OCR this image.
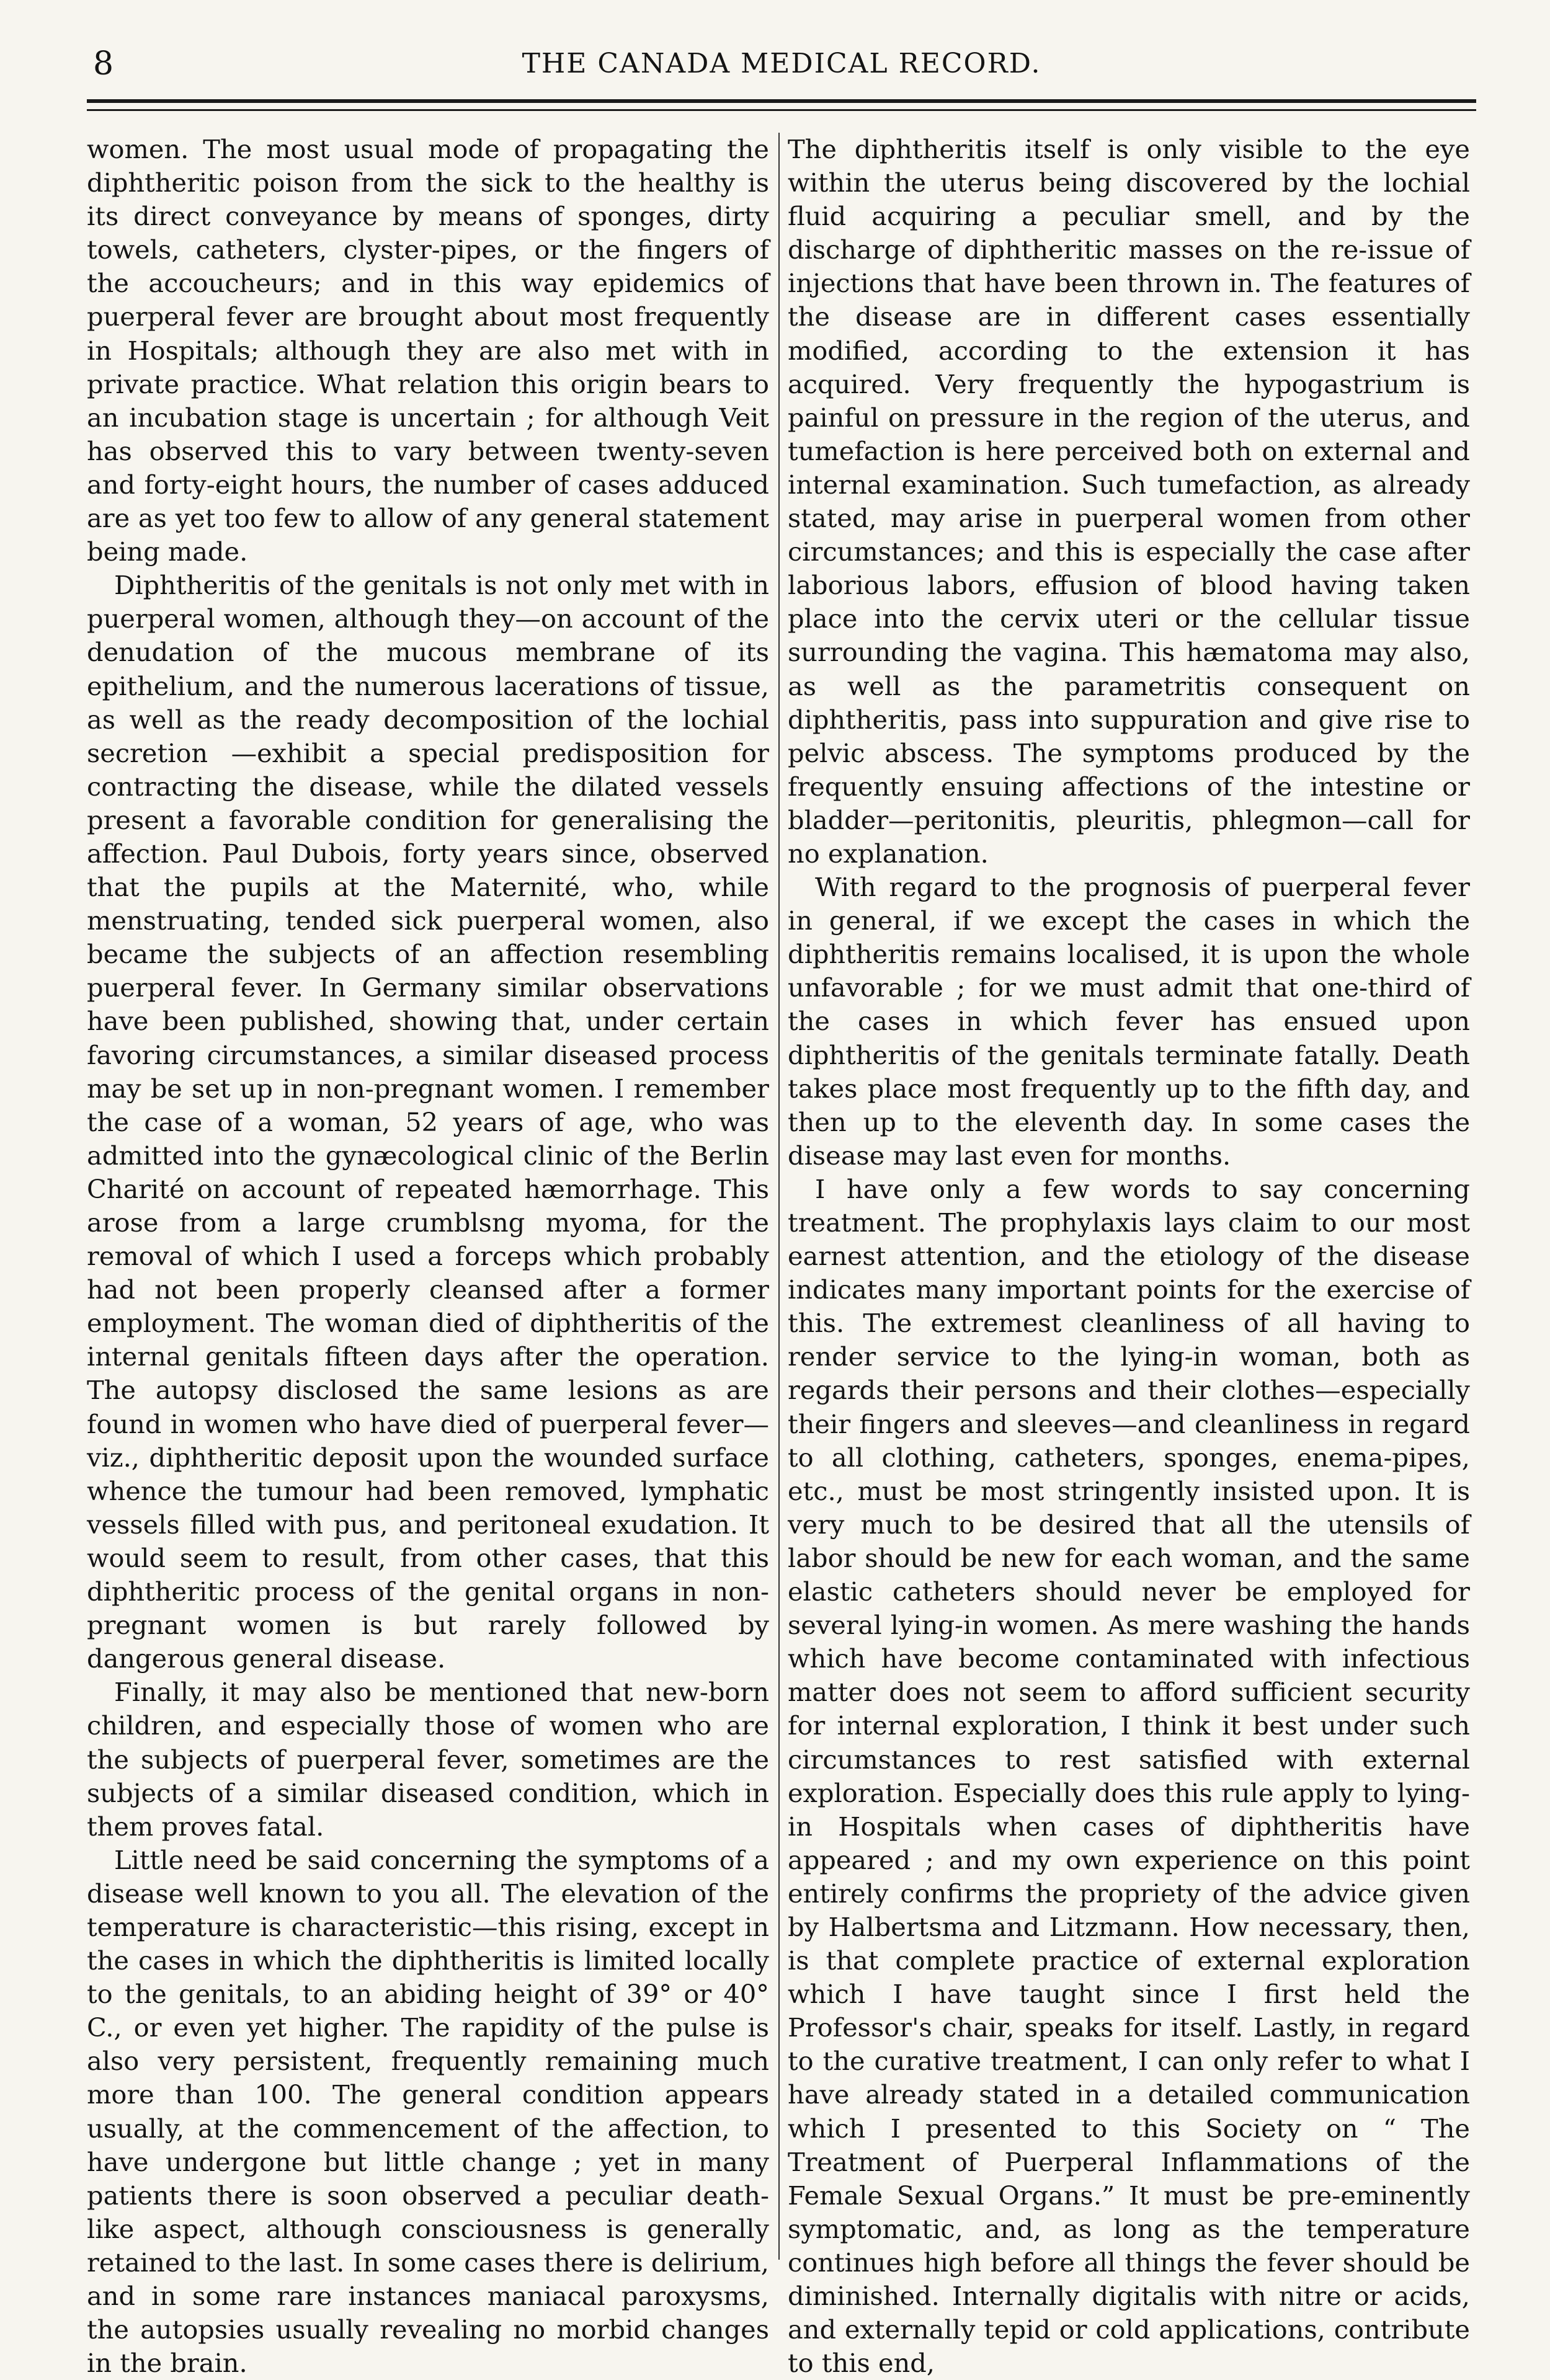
8	THE CANADA MEDICAL RECORD.

women. The most usual mode of propagating the diphtheritic poison from the sick to the healthy is its direct conveyance by means of sponges, dirty towels, catheters, clyster-pipes, or the fingers of the accoucheurs; and in this way epidemics of puerperal fever are brought about most frequently in Hospitals; although they are also met with in private practice. What relation this origin bears to an incubation stage is uncertain ; for although Veit has observed this to vary between twenty-seven and forty-eight hours, the number of cases adduced are as yet too few to allow of any general statement being made.

Diphtheritis of the genitals is not only met with in puerperal women, although they—on account of the denudation of the mucous membrane of its epithelium, and the numerous lacerations of tissue, as well as the ready decomposition of the lochial secretion —exhibit a special predisposition for contracting the disease, while the dilated vessels present a favorable condition for generalising the affection. Paul Dubois, forty years since, observed that the pupils at the Maternité, who, while menstruating, tended sick puerperal women, also became the subjects of an affection resembling puerperal fever. In Germany similar observations have been published, showing that, under certain favoring circumstances, a similar diseased process may be set up in non-pregnant women. I remember the case of a woman, 52 years of age, who was admitted into the gynæcological clinic of the Berlin Charité on account of repeated hæmorrhage. This arose from a large crumblsng myoma, for the removal of which I used a forceps which probably had not been properly cleansed after a former employment. The woman died of diphtheritis of the internal genitals fifteen days after the operation. The autopsy disclosed the same lesions as are found in women who have died of puerperal fever—viz., diphtheritic deposit upon the wounded surface whence the tumour had been removed, lymphatic vessels filled with pus, and peritoneal exudation. It would seem to result, from other cases, that this diphtheritic process of the genital organs in non-pregnant women is but rarely followed by dangerous general disease.

Finally, it may also be mentioned that new-born children, and especially those of women who are the subjects of puerperal fever, sometimes are the subjects of a similar diseased condition, which in them proves fatal.

Little need be said concerning the symptoms of a disease well known to you all. The elevation of the temperature is characteristic—this rising, except in the cases in which the diphtheritis is limited locally to the genitals, to an abiding height of 39° or 40° C., or even yet higher. The rapidity of the pulse is also very persistent, frequently remaining much more than 100. The general condition appears usually, at the commencement of the affection, to have undergone but little change ; yet in many patients there is soon observed a peculiar death-like aspect, although consciousness is generally retained to the last. In some cases there is delirium, and in some rare instances maniacal paroxysms, the autopsies usually revealing no morbid changes in the brain.

The diphtheritis itself is only visible to the eye within the uterus being discovered by the lochial fluid acquiring a peculiar smell, and by the discharge of diphtheritic masses on the re-issue of injections that have been thrown in. The features of the disease are in different cases essentially modified, according to the extension it has acquired. Very frequently the hypogastrium is painful on pressure in the region of the uterus, and tumefaction is here perceived both on external and internal examination. Such tumefaction, as already stated, may arise in puerperal women from other circumstances; and this is especially the case after laborious labors, effusion of blood having taken place into the cervix uteri or the cellular tissue surrounding the vagina. This hæmatoma may also, as well as the parametritis consequent on diphtheritis, pass into suppuration and give rise to pelvic abscess. The symptoms produced by the frequently ensuing affections of the intestine or bladder—peritonitis, pleuritis, phlegmon—call for no explanation.

With regard to the prognosis of puerperal fever in general, if we except the cases in which the diphtheritis remains localised, it is upon the whole unfavorable ; for we must admit that one-third of the cases in which fever has ensued upon diphtheritis of the genitals terminate fatally. Death takes place most frequently up to the fifth day, and then up to the eleventh day. In some cases the disease may last even for months.

I have only a few words to say concerning treatment. The prophylaxis lays claim to our most earnest attention, and the etiology of the disease indicates many important points for the exercise of this. The extremest cleanliness of all having to render service to the lying-in woman, both as regards their persons and their clothes—especially their fingers and sleeves—and cleanliness in regard to all clothing, catheters, sponges, enema-pipes, etc., must be most stringently insisted upon. It is very much to be desired that all the utensils of labor should be new for each woman, and the same elastic catheters should never be employed for several lying-in women. As mere washing the hands which have become contaminated with infectious matter does not seem to afford sufficient security for internal exploration, I think it best under such circumstances to rest satisfied with external exploration. Especially does this rule apply to lying-in Hospitals when cases of diphtheritis have appeared ; and my own experience on this point entirely confirms the propriety of the advice given by Halbertsma and Litzmann. How necessary, then, is that complete practice of external exploration which I have taught since I first held the Professor's chair, speaks for itself. Lastly, in regard to the curative treatment, I can only refer to what I have already stated in a detailed communication which I presented to this Society on “ The Treatment of Puerperal Inflammations of the Female Sexual Organs.” It must be pre-eminently symptomatic, and, as long as the temperature continues high before all things the fever should be diminished. Internally digitalis with nitre or acids, and externally tepid or cold applications, contribute to this end,
